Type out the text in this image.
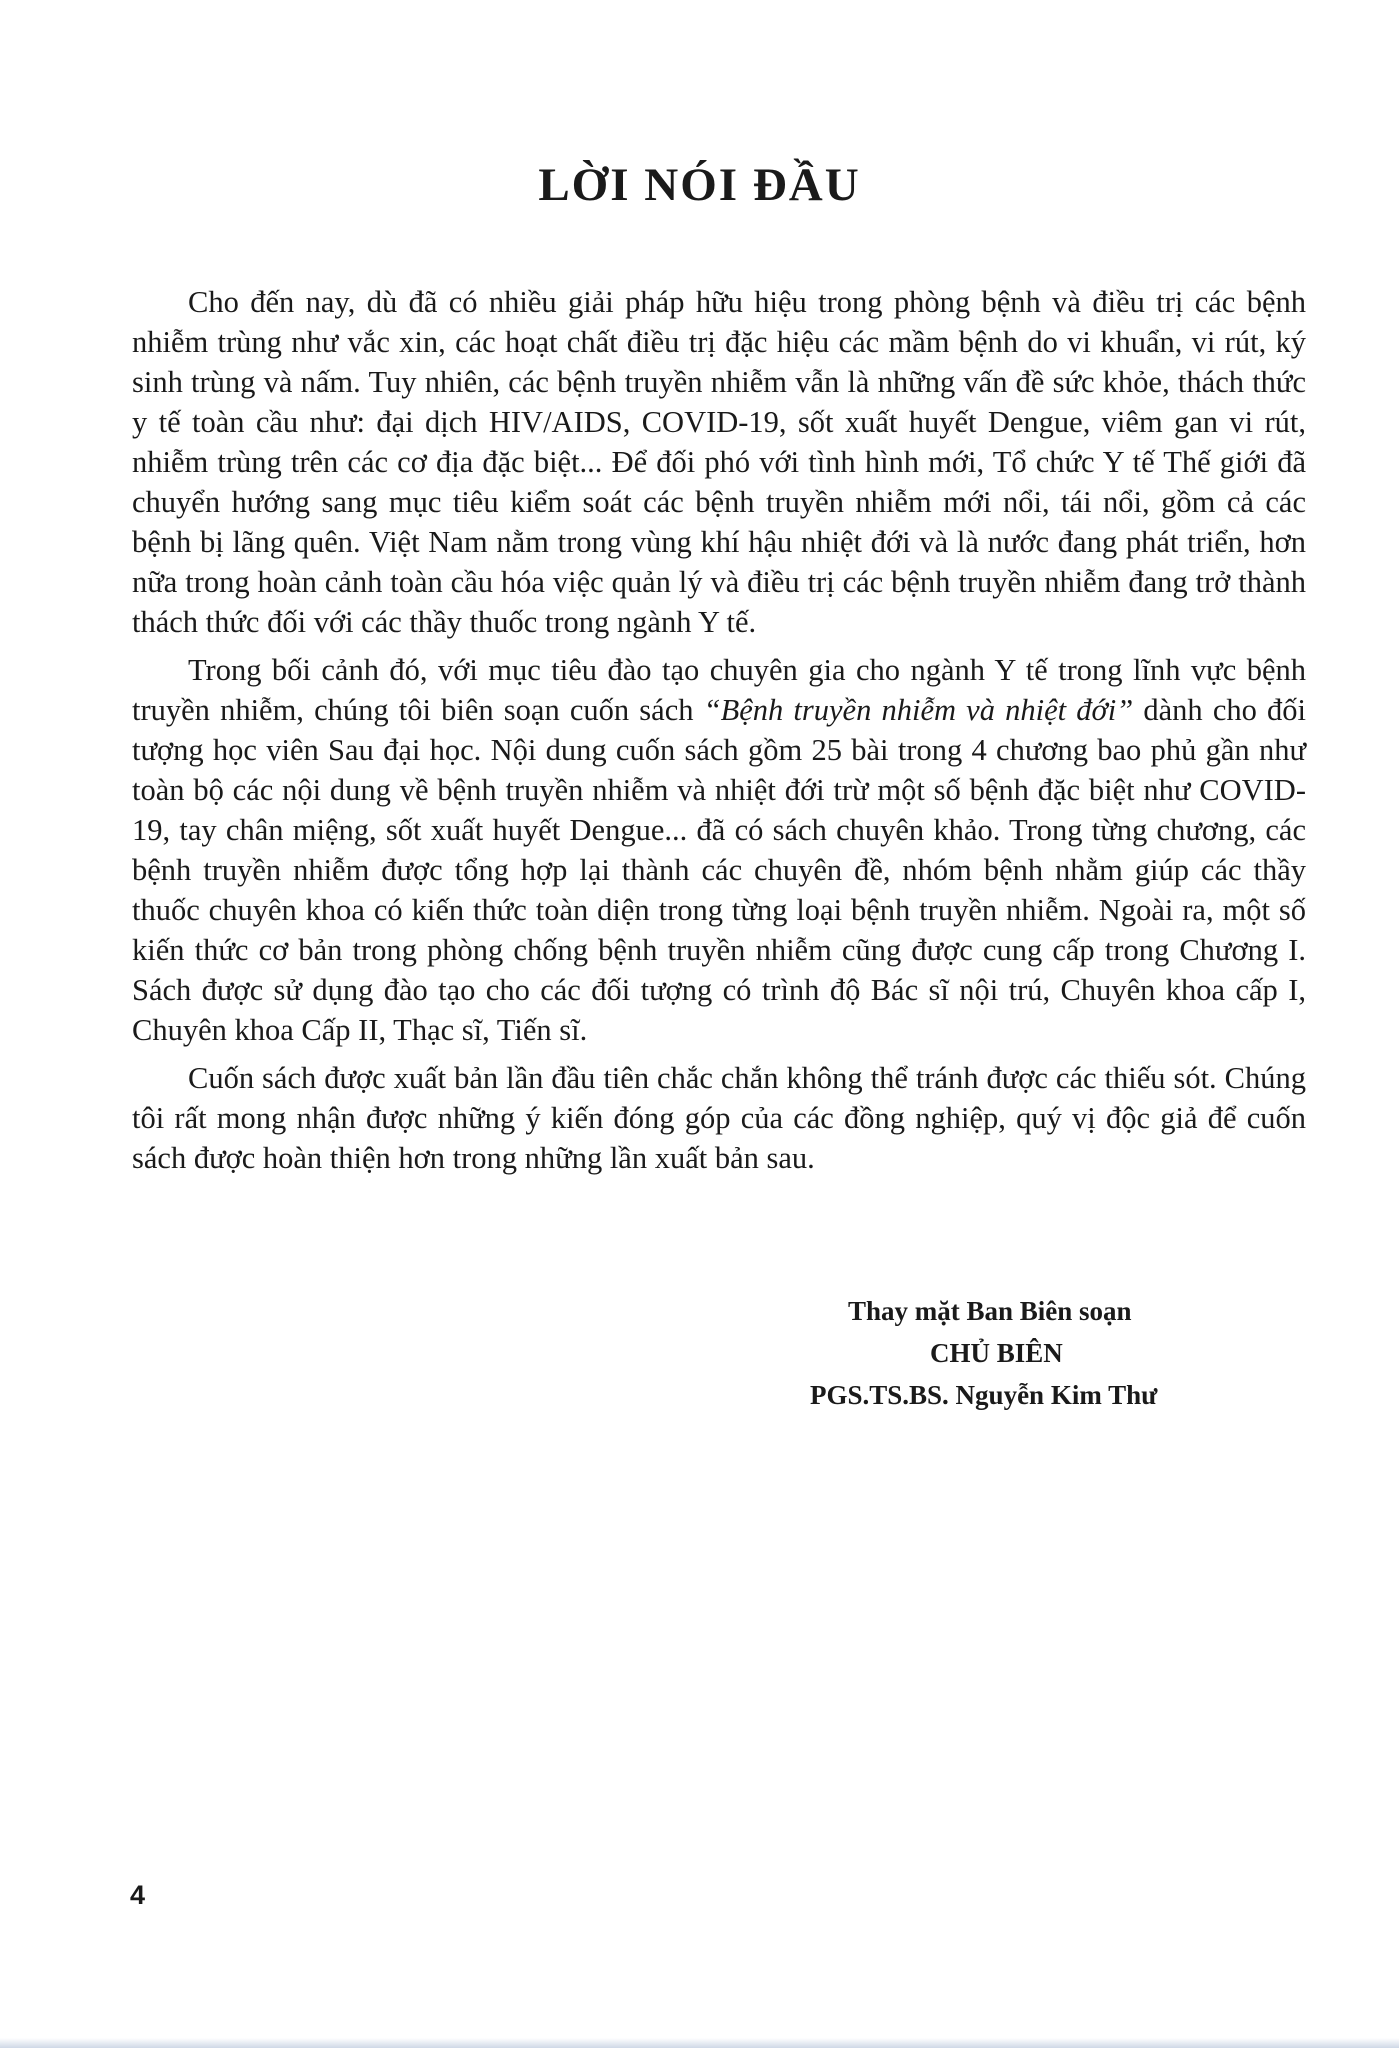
LỜI NÓI ĐẦU

Cho đến nay, dù đã có nhiều giải pháp hữu hiệu trong phòng bệnh và điều trị các bệnh nhiễm trùng như vắc xin, các hoạt chất điều trị đặc hiệu các mầm bệnh do vi khuẩn, vi rút, ký sinh trùng và nấm. Tuy nhiên, các bệnh truyền nhiễm vẫn là những vấn đề sức khỏe, thách thức y tế toàn cầu như: đại dịch HIV/AIDS, COVID-19, sốt xuất huyết Dengue, viêm gan vi rút, nhiễm trùng trên các cơ địa đặc biệt... Để đối phó với tình hình mới, Tổ chức Y tế Thế giới đã chuyển hướng sang mục tiêu kiểm soát các bệnh truyền nhiễm mới nổi, tái nổi, gồm cả các bệnh bị lãng quên. Việt Nam nằm trong vùng khí hậu nhiệt đới và là nước đang phát triển, hơn nữa trong hoàn cảnh toàn cầu hóa việc quản lý và điều trị các bệnh truyền nhiễm đang trở thành thách thức đối với các thầy thuốc trong ngành Y tế.

Trong bối cảnh đó, với mục tiêu đào tạo chuyên gia cho ngành Y tế trong lĩnh vực bệnh truyền nhiễm, chúng tôi biên soạn cuốn sách “Bệnh truyền nhiễm và nhiệt đới” dành cho đối tượng học viên Sau đại học. Nội dung cuốn sách gồm 25 bài trong 4 chương bao phủ gần như toàn bộ các nội dung về bệnh truyền nhiễm và nhiệt đới trừ một số bệnh đặc biệt như COVID-19, tay chân miệng, sốt xuất huyết Dengue... đã có sách chuyên khảo. Trong từng chương, các bệnh truyền nhiễm được tổng hợp lại thành các chuyên đề, nhóm bệnh nhằm giúp các thầy thuốc chuyên khoa có kiến thức toàn diện trong từng loại bệnh truyền nhiễm. Ngoài ra, một số kiến thức cơ bản trong phòng chống bệnh truyền nhiễm cũng được cung cấp trong Chương I. Sách được sử dụng đào tạo cho các đối tượng có trình độ Bác sĩ nội trú, Chuyên khoa cấp I, Chuyên khoa Cấp II, Thạc sĩ, Tiến sĩ.

Cuốn sách được xuất bản lần đầu tiên chắc chắn không thể tránh được các thiếu sót. Chúng tôi rất mong nhận được những ý kiến đóng góp của các đồng nghiệp, quý vị độc giả để cuốn sách được hoàn thiện hơn trong những lần xuất bản sau.

Thay mặt Ban Biên soạn
CHỦ BIÊN
PGS.TS.BS. Nguyễn Kim Thư
4
